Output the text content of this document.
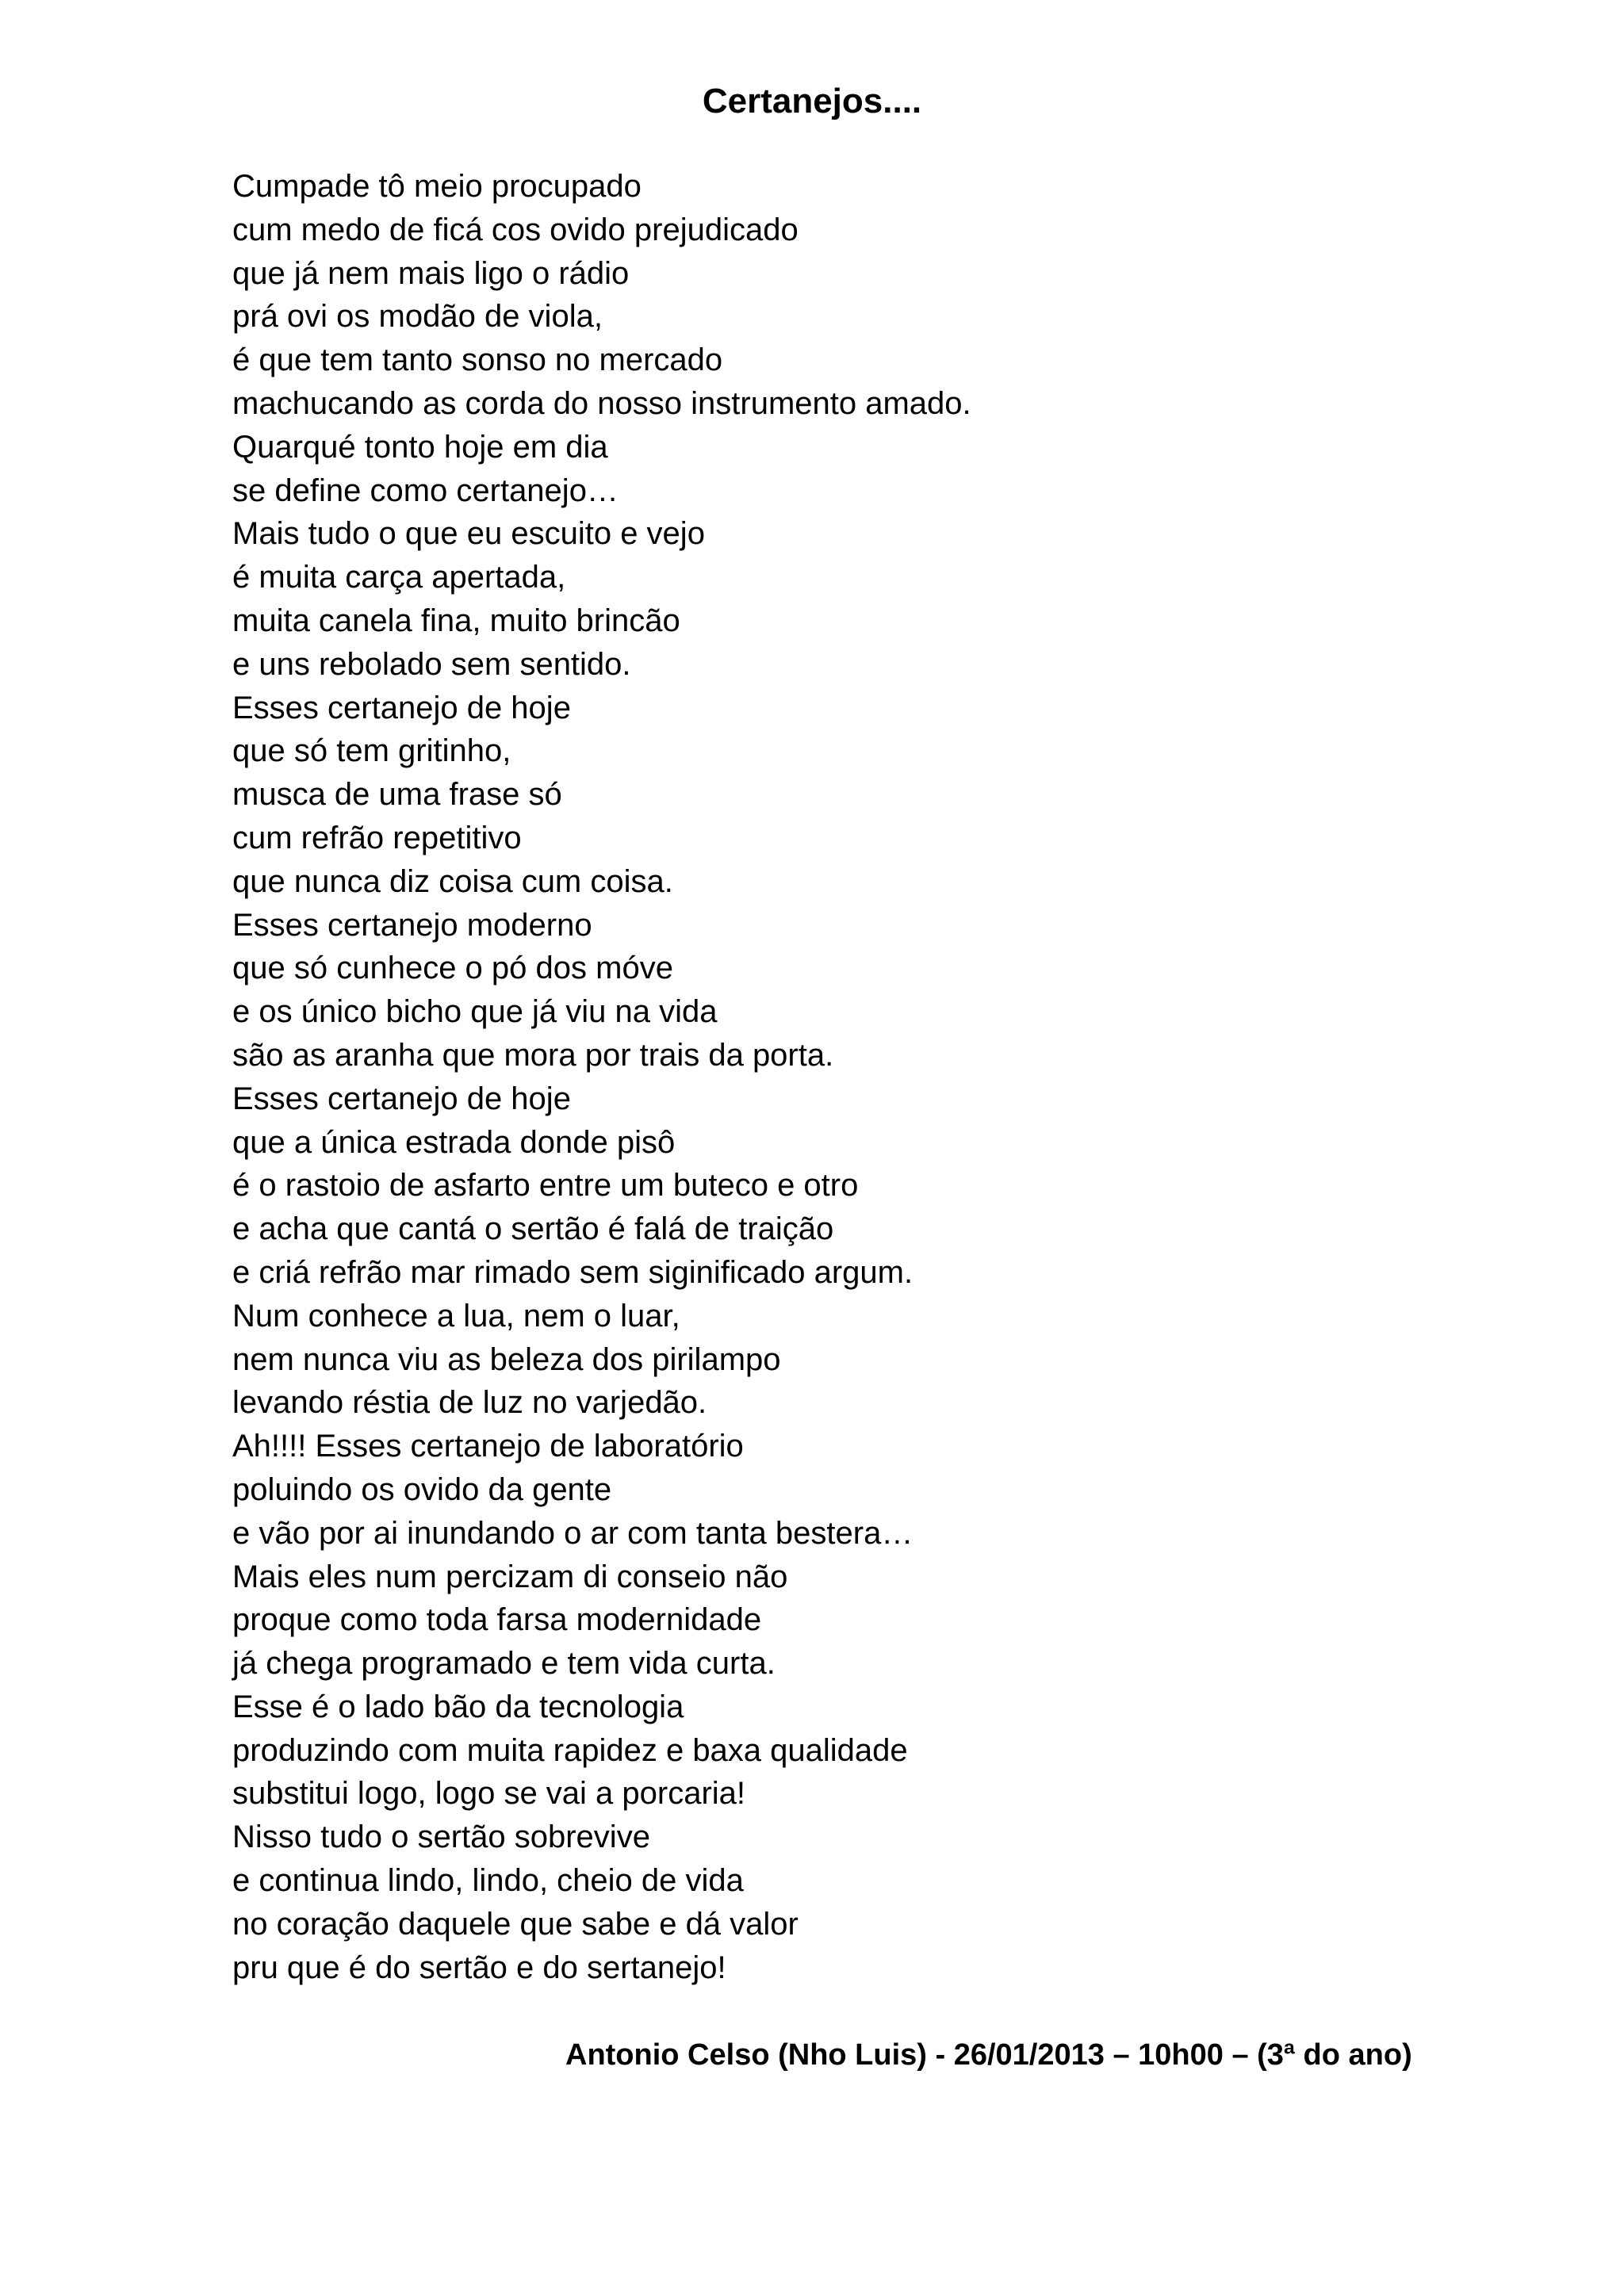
Certanejos....
Cumpade tô meio procupado
cum medo de ficá cos ovido prejudicado
que já nem mais ligo o rádio
prá ovi os modão de viola,
é que tem tanto sonso no mercado
machucando as corda do nosso instrumento amado.
Quarqué tonto hoje em dia
se define como certanejo…
Mais tudo o que eu escuito e vejo
é muita carça apertada,
muita canela fina, muito brincão
e uns rebolado sem sentido.
Esses certanejo de hoje
que só tem gritinho,
musca de uma frase só
cum refrão repetitivo
que nunca diz coisa cum coisa.
Esses certanejo moderno
que só cunhece o pó dos móve
e os único bicho que já viu na vida
são as aranha que mora por trais da porta.
Esses certanejo de hoje
que a única estrada donde pisô
é o rastoio de asfarto entre um buteco e otro
e acha que cantá o sertão é falá de traição
e criá refrão mar rimado sem siginificado argum.
Num conhece a lua, nem o luar,
nem nunca viu as beleza dos pirilampo
levando réstia de luz no varjedão.
Ah!!!! Esses certanejo de laboratório
poluindo os ovido da gente
e vão por ai inundando o ar com tanta bestera…
Mais eles num percizam di conseio não
proque como toda farsa modernidade
já chega programado e tem vida curta.
Esse é o lado bão da tecnologia
produzindo com muita rapidez e baxa qualidade
substitui logo, logo se vai a porcaria!
Nisso tudo o sertão sobrevive
e continua lindo, lindo, cheio de vida
no coração daquele que sabe e dá valor
pru que é do sertão e do sertanejo!

Antonio Celso (Nho Luis) - 26/01/2013 – 10h00 – (3ª do ano)
